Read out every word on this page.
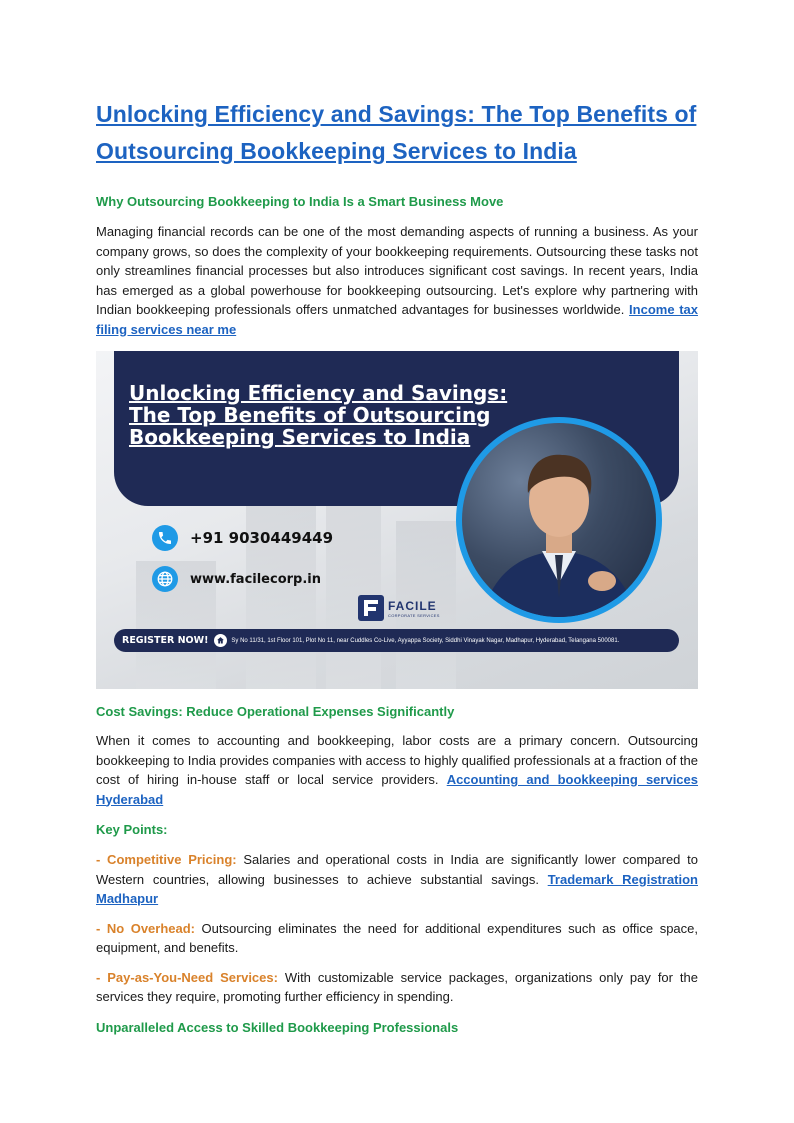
Unlocking Efficiency and Savings: The Top Benefits of
Outsourcing Bookkeeping Services to India
Why Outsourcing Bookkeeping to India Is a Smart Business Move

Managing financial records can be one of the most demanding aspects of running a business. As your company grows, so does the complexity of your bookkeeping requirements. Outsourcing these tasks not only streamlines financial processes but also introduces significant cost savings. In recent years, India has emerged as a global powerhouse for bookkeeping outsourcing. Let's explore why partnering with Indian bookkeeping professionals offers unmatched advantages for businesses worldwide. Income tax filing services near me

Unlocking Efficiency and Savings:
The Top Benefits of Outsourcing
Bookkeeping Services to India
+91 9030449449
www.facilecorp.in
FACILE
CORPORATE SERVICES
REGISTER NOW!	Sy No 11/31, 1st Floor 101, Plot No 11, near Cuddles Co-Live, Ayyappa Society, Siddhi Vinayak Nagar, Madhapur, Hyderabad, Telangana 500081.
Cost Savings: Reduce Operational Expenses Significantly

When it comes to accounting and bookkeeping, labor costs are a primary concern. Outsourcing bookkeeping to India provides companies with access to highly qualified professionals at a fraction of the cost of hiring in-house staff or local service providers. Accounting and bookkeeping services Hyderabad

Key Points:

- Competitive Pricing: Salaries and operational costs in India are significantly lower compared to Western countries, allowing businesses to achieve substantial savings. Trademark Registration Madhapur

- No Overhead: Outsourcing eliminates the need for additional expenditures such as office space, equipment, and benefits.

- Pay-as-You-Need Services: With customizable service packages, organizations only pay for the services they require, promoting further efficiency in spending.

Unparalleled Access to Skilled Bookkeeping Professionals
